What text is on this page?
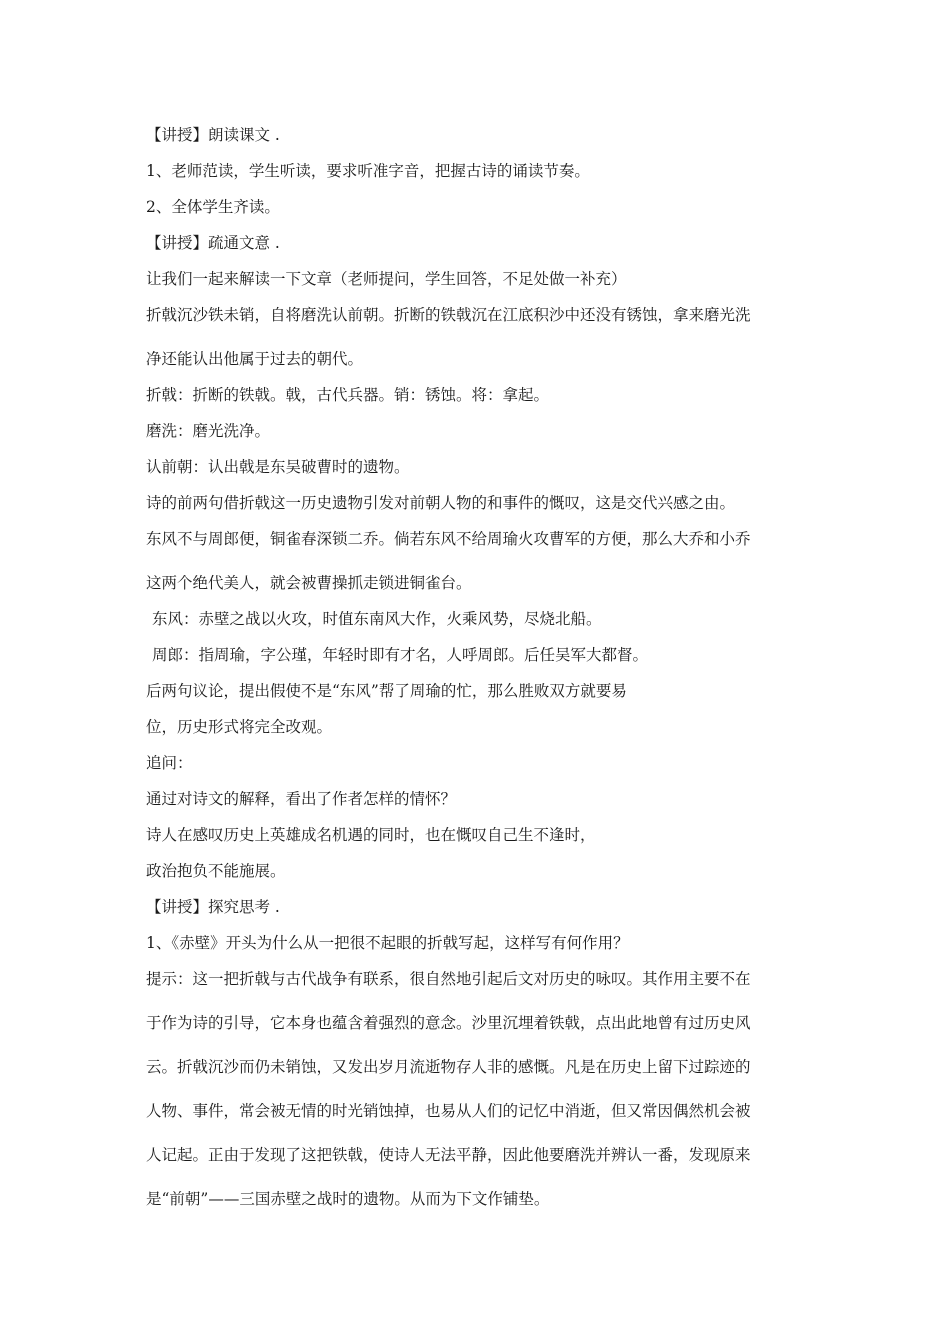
【讲授】朗读课文 .

1、老师范读，学生听读，要求听准字音，把握古诗的诵读节奏。

2、全体学生齐读。

【讲授】疏通文意 .

让我们一起来解读一下文章（老师提问，学生回答，不足处做一补充）

折戟沉沙铁未销，自将磨洗认前朝。折断的铁戟沉在江底积沙中还没有锈蚀，拿来磨光洗

净还能认出他属于过去的朝代。

折戟：折断的铁戟。戟，古代兵器。销：锈蚀。将：拿起。

磨洗：磨光洗净。

认前朝：认出戟是东吴破曹时的遗物。

诗的前两句借折戟这一历史遗物引发对前朝人物的和事件的慨叹，这是交代兴感之由。

东风不与周郎便，铜雀春深锁二乔。倘若东风不给周瑜火攻曹军的方便，那么大乔和小乔

这两个绝代美人，就会被曹操抓走锁进铜雀台。

东风：赤壁之战以火攻，时值东南风大作，火乘风势，尽烧北船。

周郎：指周瑜，字公瑾，年轻时即有才名，人呼周郎。后任吴军大都督。

后两句议论，提出假使不是“东风”帮了周瑜的忙，那么胜败双方就要易

位，历史形式将完全改观。

追问：

通过对诗文的解释，看出了作者怎样的情怀？

诗人在感叹历史上英雄成名机遇的同时，也在慨叹自己生不逢时，

政治抱负不能施展。

【讲授】探究思考 .

1、《赤壁》开头为什么从一把很不起眼的折戟写起，这样写有何作用？

提示：这一把折戟与古代战争有联系，很自然地引起后文对历史的咏叹。其作用主要不在

于作为诗的引导，它本身也蕴含着强烈的意念。沙里沉埋着铁戟，点出此地曾有过历史风

云。折戟沉沙而仍未销蚀，又发出岁月流逝物存人非的感慨。凡是在历史上留下过踪迹的

人物、事件，常会被无情的时光销蚀掉，也易从人们的记忆中消逝，但又常因偶然机会被

人记起。正由于发现了这把铁戟，使诗人无法平静，因此他要磨洗并辨认一番，发现原来

是“前朝”——三国赤壁之战时的遗物。从而为下文作铺垫。
